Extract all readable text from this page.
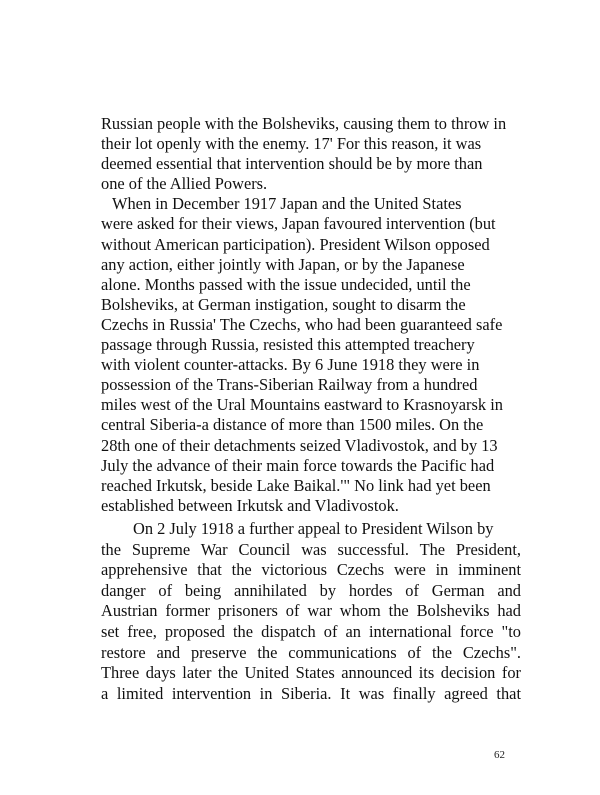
Russian people with the Bolsheviks, causing them to throw in
their lot openly with the enemy. 17' For this reason, it was
deemed essential that intervention should be by more than
one of the Allied Powers.
When in December 1917 Japan and the United States
were asked for their views, Japan favoured intervention (but
without American participation). President Wilson opposed
any action, either jointly with Japan, or by the Japanese
alone. Months passed with the issue undecided, until the
Bolsheviks, at German instigation, sought to disarm the
Czechs in Russia' The Czechs, who had been guaranteed safe
passage through Russia, resisted this attempted treachery
with violent counter-attacks. By 6 June 1918 they were in
possession of the Trans-Siberian Railway from a hundred
miles west of the Ural Mountains eastward to Krasnoyarsk in
central Siberia-a distance of more than 1500 miles. On the
28th one of their detachments seized Vladivostok, and by 13
July the advance of their main force towards the Pacific had
reached Irkutsk, beside Lake Baikal.'" No link had yet been
established between Irkutsk and Vladivostok.
On 2 July 1918 a further appeal to President Wilson by
the Supreme War Council was successful. The President,
apprehensive that the victorious Czechs were in imminent
danger of being annihilated by hordes of German and
Austrian former prisoners of war whom the Bolsheviks had
set free, proposed the dispatch of an international force "to
restore and preserve the communications of the Czechs".
Three days later the United States announced its decision for
a limited intervention in Siberia. It was finally agreed that
62
